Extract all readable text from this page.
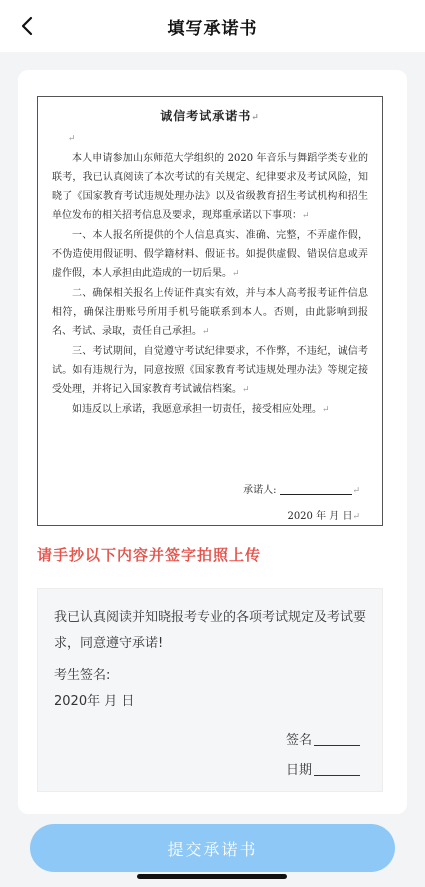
填写承诺书
诚信考试承诺书↵
↵
本人申请参加山东师范大学组织的 2020 年音乐与舞蹈学类专业的联考，我已认真阅读了本次考试的有关规定、纪律要求及考试风险，知晓了《国家教育考试违规处理办法》以及省级教育招生考试机构和招生单位发布的相关招考信息及要求，现郑重承诺以下事项：↵
一、本人报名所提供的个人信息真实、准确、完整，不弄虚作假，不伪造使用假证明、假学籍材料、假证书。如提供虚假、错误信息或弄虚作假，本人承担由此造成的一切后果。↵
二、确保相关报名上传证件真实有效，并与本人高考报考证件信息相符，确保注册账号所用手机号能联系到本人。否则，由此影响到报名、考试、录取，责任自己承担。↵
三、考试期间，自觉遵守考试纪律要求，不作弊，不违纪，诚信考试。如有违规行为，同意按照《国家教育考试违规处理办法》等规定接受处理，并将记入国家教育考试诚信档案。↵
如违反以上承诺，我愿意承担一切责任，接受相应处理。↵
承诺人:	↵
2020 年 月 日↵
请手抄以下内容并签字拍照上传
我已认真阅读并知晓报考专业的各项考试规定及考试要求，同意遵守承诺!
考生签名:
2020年 月 日
签名
日期
提交承诺书
